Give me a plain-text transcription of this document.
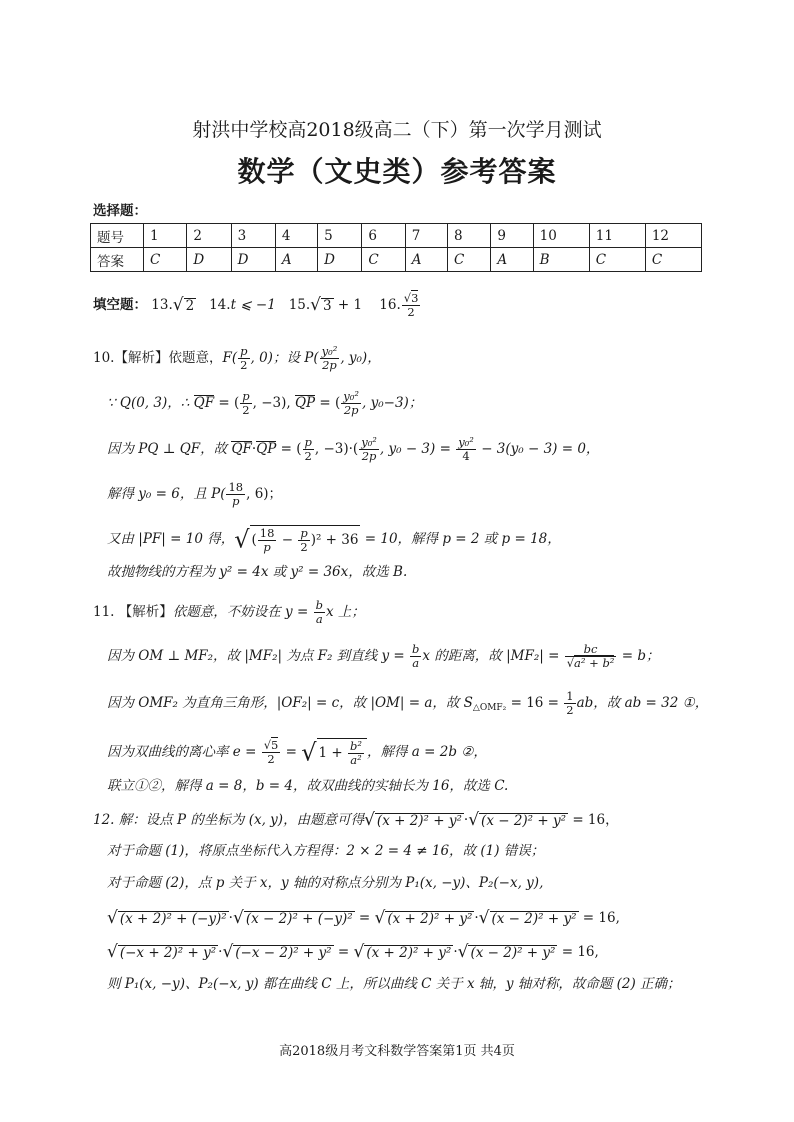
射洪中学校高2018级高二（下）第一次学月测试
数学（文史类）参考答案
选择题：
题号	1	2	3	4	5	6	7	8	9	10	11	12
答案	C	D	D	A	D	C	A	C	A	B	C	C
填空题： 13.√ 2 14.t ⩽ −1 15.√ 3 + 1 16. $\frac{√3}{2}$
10.【解析】依题意，$F( \frac{p}{2}$ , 0)；设 $P( \frac{\text{y₀²}}{2p}$ , y₀)，
∵ Q(0, 3)，∴ QF = ( $\frac{p}{2}$ , −3), QP = ( $\frac{\text{y₀²}}{2p}$ , y₀−3)；
因为 PQ ⊥ QF，故 QF·QP = ( $\frac{p}{2}$ , $-3)\cdot( \frac{\text{y₀²}}{2p}$ , $y_0 - 3) = \frac{\text{y₀²}}{4} - 3(y_0 - 3) = 0$，
解得 y₀ = 6，且 $P( \frac{18}{p}$ , 6)；
又由 |PF| = 10 得，√ ( $\frac{18}{p} - \frac{p}{2} )^2 + 36 = 10$，解得 p = 2 或 p = 18，
故抛物线的方程为 y² = 4x 或 y² = 36x，故选 B.
11. 【解析】依题意，不妨设在 $y = \frac{b}{a}$ x 上；
因为 OM ⊥ MF₂，故 |MF₂| 为点 F₂ 到直线 $y = \frac{b}{a}$ x 的距离，故 $|MF_2| = \frac{bc}{\text{√a² + b²}} = b$；
因为 OMF₂ 为直角三角形，|OF₂| = c，故 |OM| = a，故 $S_{\triangle OMF_2} = 16 = \frac{1}{2}$ ab，故 ab = 32 ①，
因为双曲线的离心率 $e = \frac{√5}{2}$ = √ $1 + \frac{\text{b²}}{\text{a²}}$ ，解得 a = 2b ②，
联立①②，解得 a = 8，b = 4，故双曲线的实轴长为 16，故选 C.
12. 解：设点 P 的坐标为 (x, y)，由题意可得√ (x + 2)² + y² ·√ (x − 2)² + y² = 16，
对于命题 (1)，将原点坐标代入方程得：2 × 2 = 4 ≠ 16，故 (1) 错误；
对于命题 (2)，点 p 关于 x，y 轴的对称点分别为 P₁(x, −y)、P₂(−x, y),
√ (x + 2)² + (−y)² ·√ (x − 2)² + (−y)² = √ (x + 2)² + y² ·√ (x − 2)² + y² = 16,
√ (−x + 2)² + y² ·√ (−x − 2)² + y² = √ (x + 2)² + y² ·√ (x − 2)² + y² = 16,
则 P₁(x, −y)、P₂(−x, y) 都在曲线 C 上，所以曲线 C 关于 x 轴，y 轴对称，故命题 (2) 正确；
高2018级月考文科数学答案第1页 共4页
